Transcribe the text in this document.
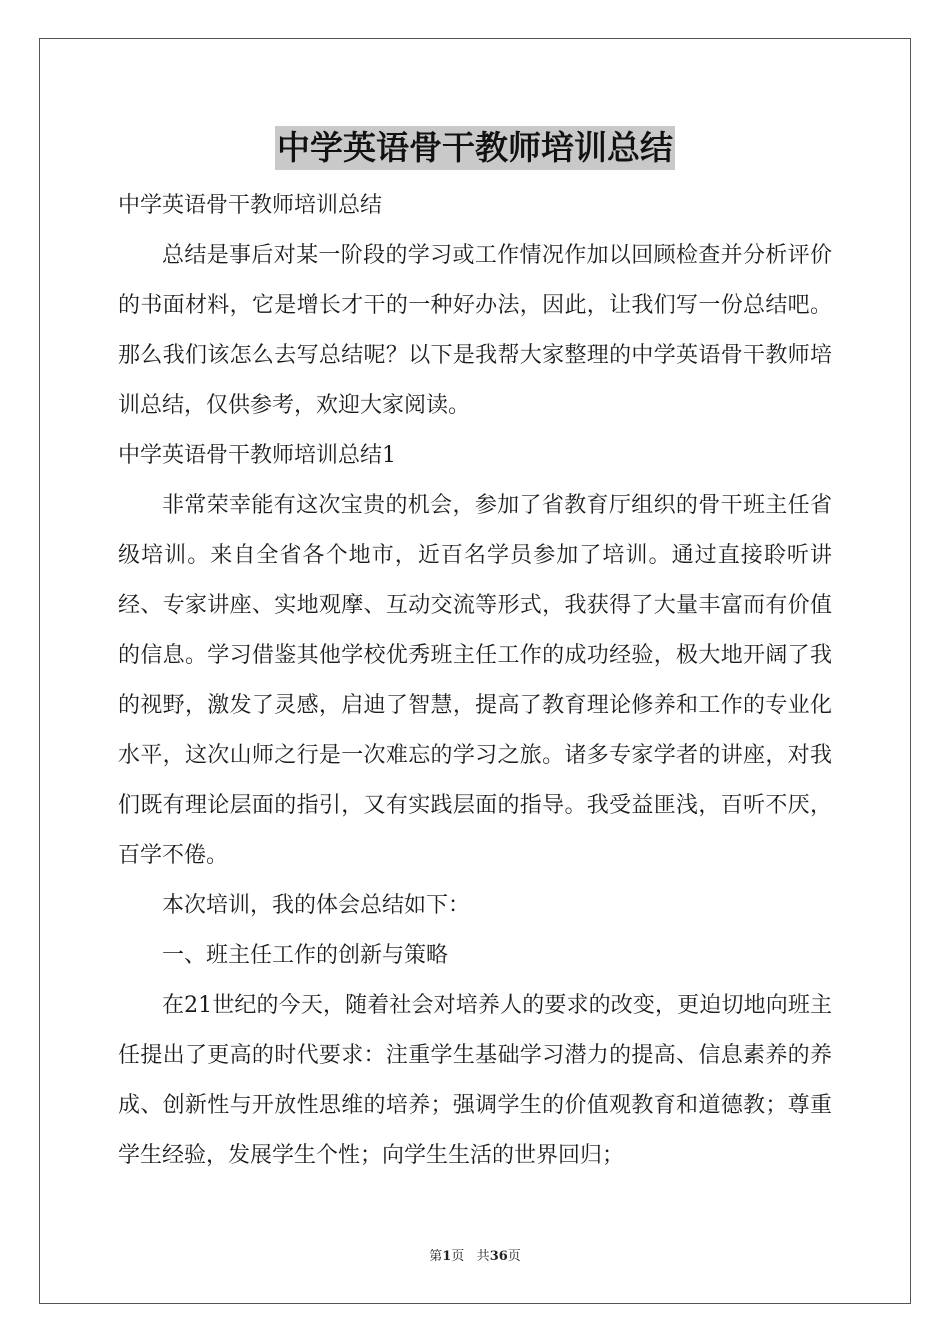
中学英语骨干教师培训总结

中学英语骨干教师培训总结

总结是事后对某一阶段的学习或工作情况作加以回顾检查并分析评价的书面材料，它是增长才干的一种好办法，因此，让我们写一份总结吧。那么我们该怎么去写总结呢？以下是我帮大家整理的中学英语骨干教师培训总结，仅供参考，欢迎大家阅读。

中学英语骨干教师培训总结1

非常荣幸能有这次宝贵的机会，参加了省教育厅组织的骨干班主任省级培训。来自全省各个地市，近百名学员参加了培训。通过直接聆听讲经、专家讲座、实地观摩、互动交流等形式，我获得了大量丰富而有价值的信息。学习借鉴其他学校优秀班主任工作的成功经验，极大地开阔了我的视野，激发了灵感，启迪了智慧，提高了教育理论修养和工作的专业化水平，这次山师之行是一次难忘的学习之旅。诸多专家学者的讲座，对我们既有理论层面的指引，又有实践层面的指导。我受益匪浅，百听不厌，百学不倦。

本次培训，我的体会总结如下：

一、班主任工作的创新与策略

在21世纪的今天，随着社会对培养人的要求的改变，更迫切地向班主任提出了更高的时代要求：注重学生基础学习潜力的提高、信息素养的养成、创新性与开放性思维的培养；强调学生的价值观教育和道德教；尊重学生经验，发展学生个性；向学生生活的世界回归；

第1页 共36页
